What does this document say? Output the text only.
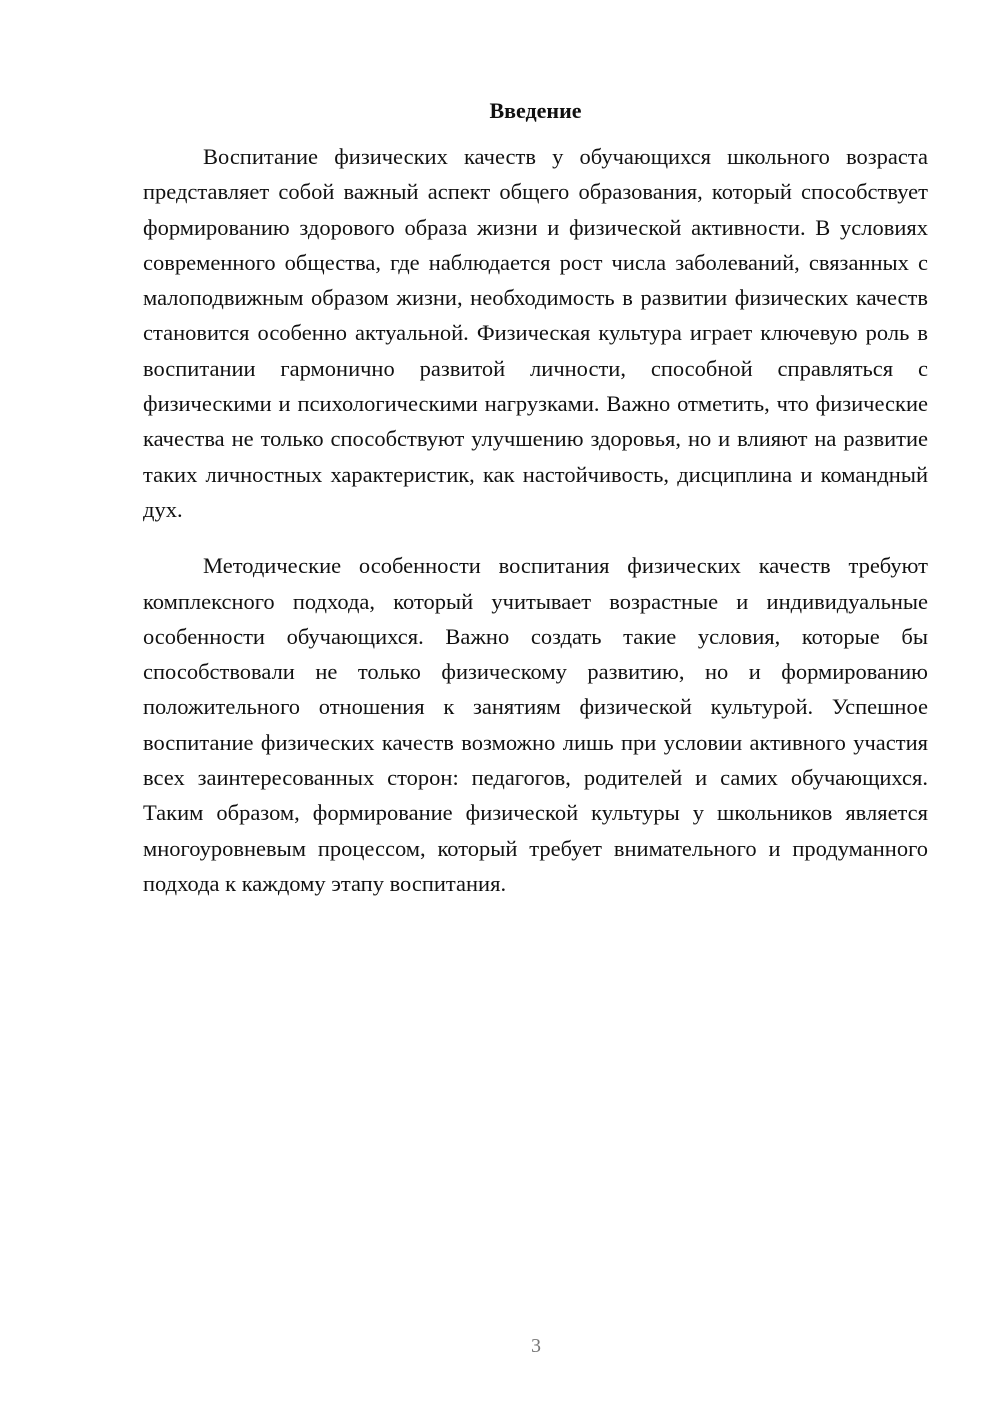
Введение

Воспитание физических качеств у обучающихся школьного возраста представляет собой важный аспект общего образования, который способствует формированию здорового образа жизни и физической активности. В условиях современного общества, где наблюдается рост числа заболеваний, связанных с малоподвижным образом жизни, необходимость в развитии физических качеств становится особенно актуальной. Физическая культура играет ключевую роль в воспитании гармонично развитой личности, способной справляться с физическими и психологическими нагрузками. Важно отметить, что физические качества не только способствуют улучшению здоровья, но и влияют на развитие таких личностных характеристик, как настойчивость, дисциплина и командный дух.

Методические особенности воспитания физических качеств требуют комплексного подхода, который учитывает возрастные и индивидуальные особенности обучающихся. Важно создать такие условия, которые бы способствовали не только физическому развитию, но и формированию положительного отношения к занятиям физической культурой. Успешное воспитание физических качеств возможно лишь при условии активного участия всех заинтересованных сторон: педагогов, родителей и самих обучающихся. Таким образом, формирование физической культуры у школьников является многоуровневым процессом, который требует внимательного и продуманного подхода к каждому этапу воспитания.

3
